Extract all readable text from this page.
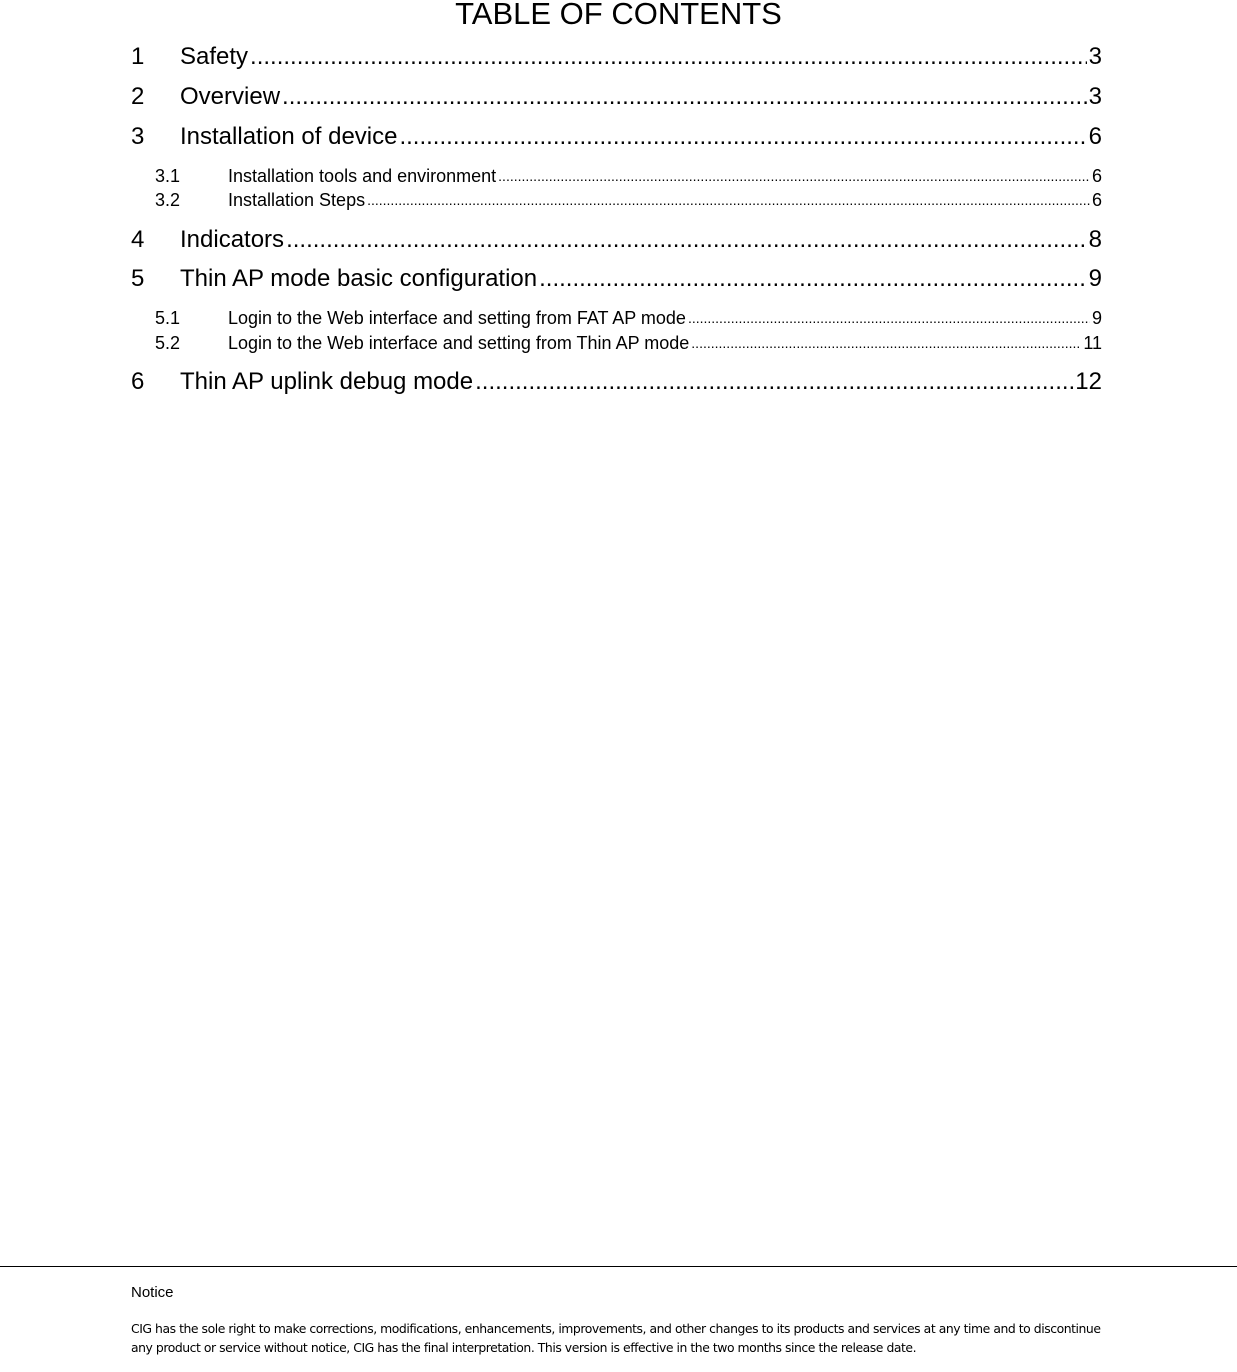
TABLE OF CONTENTS
1	Safety .....	3
2	Overview .....	3
3	Installation of device .....	6
3.1	Installation tools and environment .....	6
3.2	Installation Steps .....	6
4	Indicators .....	8
5	Thin AP mode basic configuration .....	9
5.1	Login to the Web interface and setting from FAT AP mode .....	9
5.2	Login to the Web interface and setting from Thin AP mode .....	11
6	Thin AP uplink debug mode .....	12
Notice
CIG has the sole right to make corrections, modifications, enhancements, improvements, and other changes to its products and services at any time and to discontinue any product or service without notice, CIG has the final interpretation. This version is effective in the two months since the release date.
